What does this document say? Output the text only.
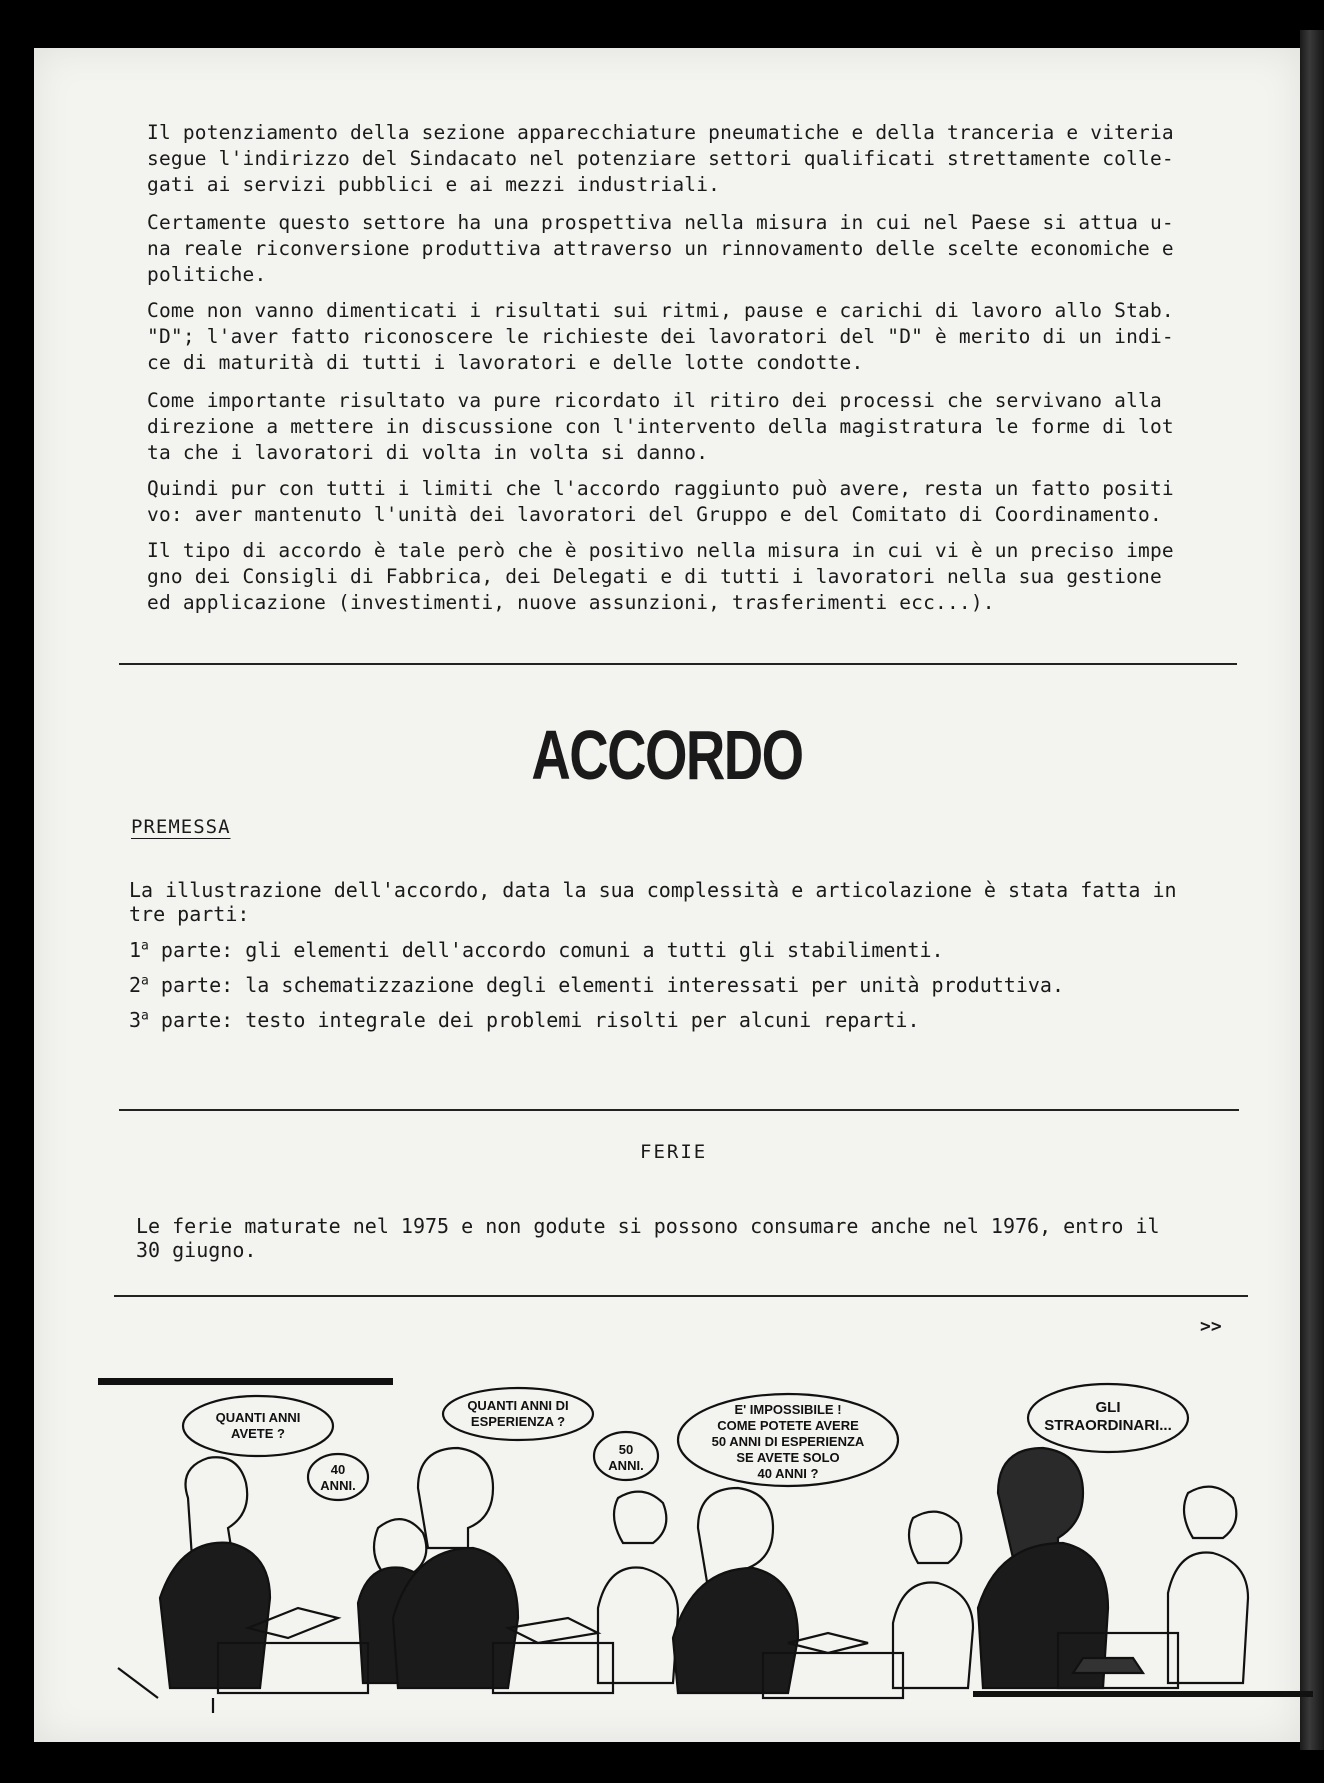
Il potenziamento della sezione apparecchiature pneumatiche e della tranceria e viteria
segue l'indirizzo del Sindacato nel potenziare settori qualificati strettamente colle-
gati ai servizi pubblici e ai mezzi industriali.
Certamente questo settore ha una prospettiva nella misura in cui nel Paese si attua u-
na reale riconversione produttiva attraverso un rinnovamento delle scelte economiche e
politiche.
Come non vanno dimenticati i risultati sui ritmi, pause e carichi di lavoro allo Stab.
"D"; l'aver fatto riconoscere le richieste dei lavoratori del "D" è merito di un indi-
ce di maturità di tutti i lavoratori e delle lotte condotte.
Come importante risultato va pure ricordato il ritiro dei processi che servivano alla
direzione a mettere in discussione con l'intervento della magistratura le forme di lot
ta che i lavoratori di volta in volta si danno.
Quindi pur con tutti i limiti che l'accordo raggiunto può avere, resta un fatto positi
vo: aver mantenuto l'unità dei lavoratori del Gruppo e del Comitato di Coordinamento.
Il tipo di accordo è tale però che è positivo nella misura in cui vi è un preciso impe
gno dei Consigli di Fabbrica, dei Delegati e di tutti i lavoratori nella sua gestione
ed applicazione (investimenti, nuove assunzioni, trasferimenti ecc...).
ACCORDO
PREMESSA
La illustrazione dell'accordo, data la sua complessità e articolazione è stata fatta in
tre parti:
1$^a$ parte: gli elementi dell'accordo comuni a tutti gli stabilimenti.
2$^a$ parte: la schematizzazione degli elementi interessati per unità produttiva.
3$^a$ parte: testo integrale dei problemi risolti per alcuni reparti.
FERIE
Le ferie maturate nel 1975 e non godute si possono consumare anche nel 1976, entro il
30 giugno.
>>
QUANTI ANNI
AVETE ?
40
ANNI.
QUANTI ANNI DI
ESPERIENZA ?
50
ANNI.
E' IMPOSSIBILE !
COME POTETE AVERE
50 ANNI DI ESPERIENZA
SE AVETE SOLO
40 ANNI ?
GLI
STRAORDINARI...
